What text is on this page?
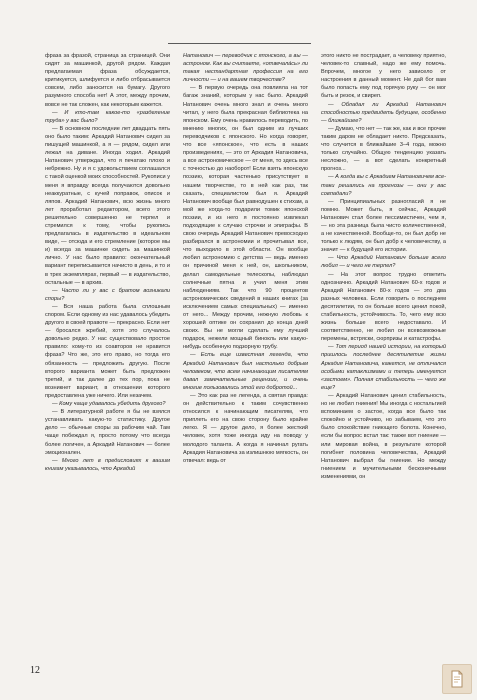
фраза за фразой, страница за страницей. Они сидят за машинкой, другой рядом. Каждая предлагаемая фраза обсуждается, критикуется, шлифуется и либо отбрасывается совсем, либо заносится на бумагу. Другого разумного способа нет! А этот, между прочим, вовсе не так сложен, как некоторым кажется.

— И кто-там какое-то «разделение труда» у вас было?

— В основном последние лет двадцать пять оно было таким: Аркадий Натанович сидел за пишущей машинкой, а я — рядом, сидел или лежал на диване. Иногда ходил. Аркадий Натанович утверждал, что я печатаю плохо и небрежно. Ну и я с удовольствием соглашался с такой оценкой моих способностей. Рукописи у меня я вправду всегда получаются довольно неаккуратные, с кучей поправок, описок и ляпов. Аркадий Натанович, всю жизнь много лет проработал редактором, всего этого решительно совершенно не терпел и стремился к тому, чтобы рукопись предлагалась в издательство в идеальном виде, — отсюда и его стремление (которое мы и) всегда за машинке сидеть за машинкой лично. У нас было правило: окончательный вариант переписывается начисто в день, и то и в трех экземплярах, первый — в издательство, остальные — в архив.

— Часто ли у вас с братом возникали споры?

— Вся наша работа была сплошным спором. Если одному из нас удавалось убедить другого в своей правоте — прекрасно. Если нет — бросался жребий, хотя это случалось довольно редко. У нас существовало простое правило: кому-то из соавторов не нравится фраза? Что же, это его право, но тогда его обязанность — предложить другую. После второго варианта может быть предложен третий, и так далее до тех пор, пока не возникнет вариант, в отношении которого предоставлена уже ничего. Или незачем.

— Кому чаще удавалось убедить другого?

— В литературной работе я бы не взялся устанавливать какую-то статистику. Другое дело — обычные споры за рабочим чай. Там чаще побеждал я, просто потому что всегда более логичен, а Аркадий Натанович — более эмоционален.

— Много лет в предисловиях к вашим книгам указывалось, что Аркадий

Натанович — переводчик с японского, а вы — астроном. Как вы считаете, «отвечала́сь» ли такая нестандартная профессия на его личности — и на вашем творчестве?

— В первую очередь она повлияла на тот багаж знаний, которым у нас было. Аркадий Натанович очень много знал и очень много читал, у него была прекрасная библиотека на японском. Ему очень нравилось переводить, по мнению многих, он был одним из лучших переводчиков с японского. Но когда говорят, что все «японское», что есть в наших произведениях, — это от Аркадия Натановича, а все астрономическое — от меня, то здесь все с точностью до наоборот! Если взять японскую поэзию, которая частенько присутствует в нашем творчестве, то в ней как раз, так сказать, специалистом был я. Аркадий Натанович вообще был равнодушен к стихам, а мой же когда-то подарили томик японской поэзии, и из него я постоянно извлекал подходящие к случаю строчки и эпиграфы. В свою очередь Аркадий Натанович превосходно разбирался в астрономии и прочитывал все, что выходило в этой области. Он вообще любил астрономию с детства — ведь именно он причиной меня к ней, он, школьником, делал самодельные телескопы, наблюдал солнечные пятна и учил меня этим наблюдениям. Так что 90 процентов астрономических сведений в наших книгах (за исключением самых специальных) — именно от него... Между прочим, нежную любовь к хорошей оптике он сохранил до конца дней своих. Вы не могли сделать ему лучший подарок, нежели мощный бинокль или какую-нибудь особенную подзорную трубу.

— Есть еще известная легенда, что Аркадий Натанович был настолько добрым человеком, что всем начинающим писателям давал замечательные рецензии, и очень многие пользовались этой его добротой...

— Это как раз не легенда, а святая правда: он действительно к таким сочувственно относился к начинающим писателям, что приплеть его на свою сторону было крайне легко. Я — другое дело, я более жесткий человек, хотя тоже иногда иду на поводу у молодого таланта. А когда я начинал ругать Аркадия Натановича за излишнюю мягкость, он отвечал: ведь от

этого никто не пострадает, а человеку приятно, человек-то славный, надо же ему помочь. Впрочем, многое у него зависело от настроения в данный момент. Не дай бог вам было попасть ему под горячую руку — он мог быть и резок, и свиреп.

— Обладал ли Аркадий Натанович способностью предвидеть будущее, особенно — ближайшее?

— Думаю, что нет — так же, как и все прочие таким даром не обладает никто. Предсказать, что случится в ближайшие 3–4 года, можно только случайно. Общую тенденцию указать несложно, — а вот сделать конкретный прогноз...

— А когда вы с Аркадием Натановичем все-таки решались на прогнозы — они у вас совпадали?

— Принципиальных разногласий я не помню. Может быть, я сейчас, Аркадий Натанович стал более пессимистичен, чем я, — но эта разница была чисто количественной, а не качественной. Вообще-то, он был добр не только к людям, он был добр к человечеству, а значит — к будущей его истории.

— Что Аркадий Натанович больше всего любил — и чего не терпел?

— На этот вопрос трудно ответить однозначно. Аркадий Натанович 60-х годов и Аркадий Натанович 80-х годов — это два разных человека. Если говорить о последнем десятилетии, то он больше всего ценил покой, стабильность, устойчивость. То, чего ему всю жизнь больше всего недоставало. И соответственно, не любил он всевозможные перемены, встряски, сюрпризы и катастрофы.

— Тот период нашей истории, на который пришлось последнее десятилетие жизни Аркадия Натановича, кажется, не отличался особыми катаклизмами и теперь именуется «застоем». Полная стабильность — чего же еще?

— Аркадий Натанович ценил стабильность, но не любил гниения! Мы иногда с ностальгией вспоминаем о застое, когда все было так спокойно и устойчиво, но забываем, что это было спокойствие гниющего болота. Конечно, если бы вопрос встал так: также вот гниение — или мировая война, в результате которой погибнет половина человечества, Аркадий Натанович выбрал бы гниение. Но между гниением и мучительными бесконечными изменениями, он

12
